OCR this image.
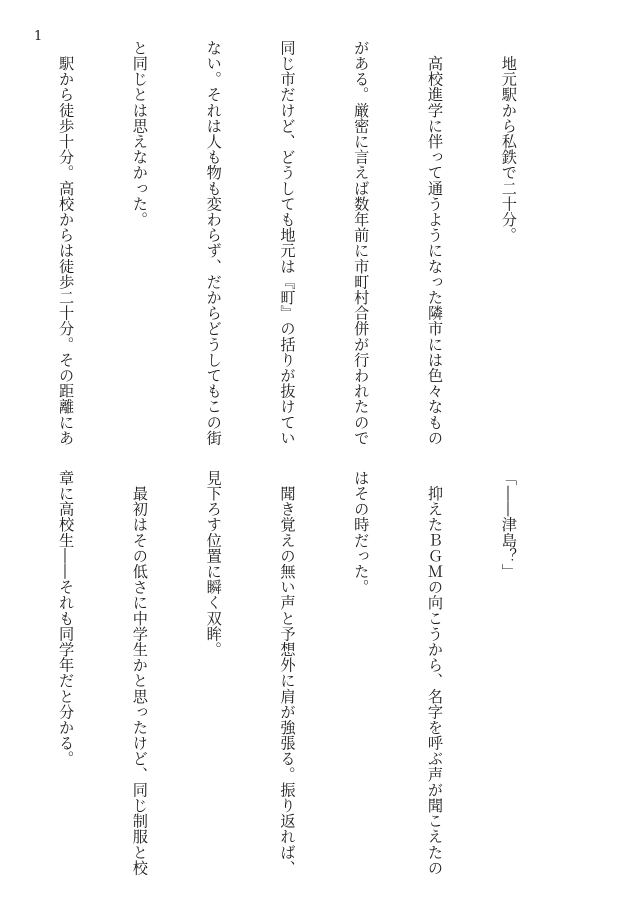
1

　地元駅から私鉄で二十分。

　高校進学に伴って通うようになった隣市には色々なもの

がある。厳密に言えば数年前に市町村合併が行われたので

同じ市だけど、どうしても地元は『町』の括りが抜けてい

ない。それは人も物も変わらず、だからどうしてもこの街

と同じとは思えなかった。

　駅から徒歩十分。高校からは徒歩二十分。その距離にあ

「――津島？」

　抑えたＢＧＭの向こうから、名字を呼ぶ声が聞こえたの

はその時だった。

　聞き覚えの無い声と予想外に肩が強張る。振り返れば、

見下ろす位置に瞬く双眸。

　最初はその低さに中学生かと思ったけど、同じ制服と校

章に高校生――それも同学年だと分かる。
